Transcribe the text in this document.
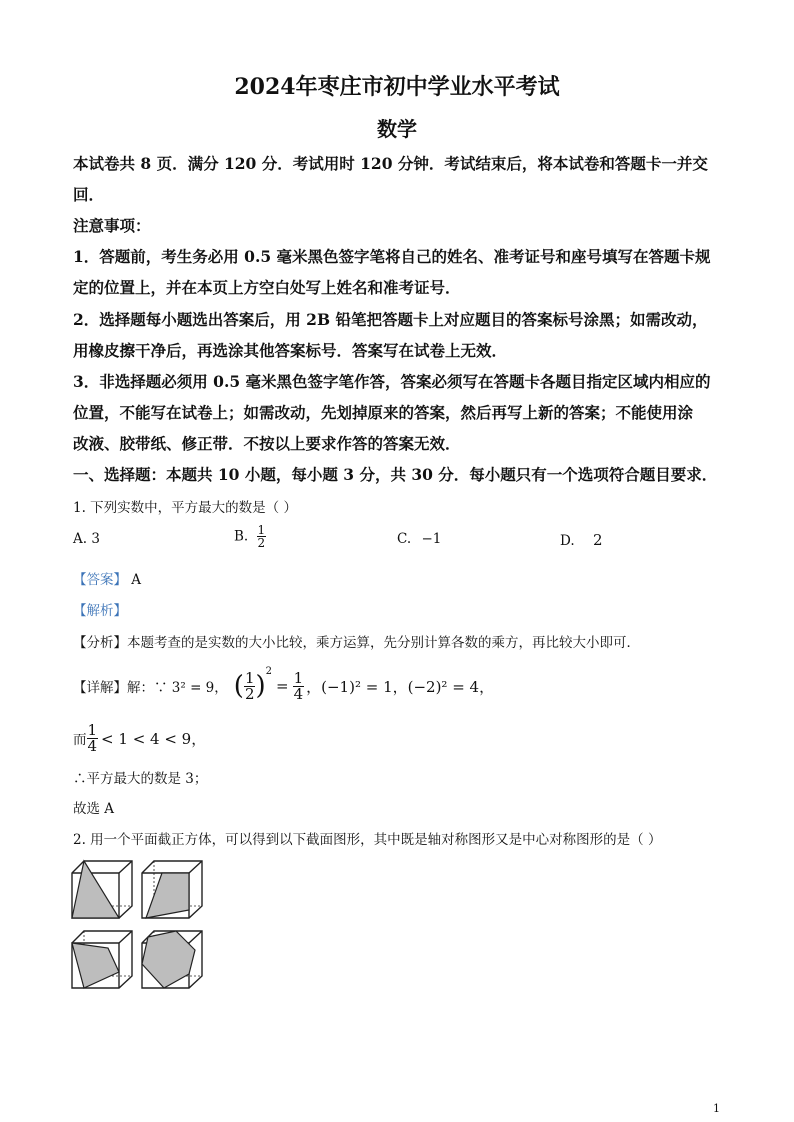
2024年枣庄市初中学业水平考试
数学
本试卷共 8 页．满分 120 分．考试用时 120 分钟．考试结束后，将本试卷和答题卡一并交
回．
注意事项：
1．答题前，考生务必用 0.5 毫米黑色签字笔将自己的姓名、准考证号和座号填写在答题卡规
定的位置上，并在本页上方空白处写上姓名和准考证号．
2．选择题每小题选出答案后，用 2B 铅笔把答题卡上对应题目的答案标号涂黑；如需改动，
用橡皮擦干净后，再选涂其他答案标号．答案写在试卷上无效．
3．非选择题必须用 0.5 毫米黑色签字笔作答，答案必须写在答题卡各题目指定区域内相应的
位置，不能写在试卷上；如需改动，先划掉原来的答案，然后再写上新的答案；不能使用涂
改液、胶带纸、修正带．不按以上要求作答的答案无效．
一、选择题：本题共 10 小题，每小题 3 分，共 30 分．每小题只有一个选项符合题目要求．
1. 下列实数中，平方最大的数是（ ）
A. 3	B. $\frac{1}{2}$	C. −1	D. 2
【答案】 A
【解析】
【分析】本题考查的是实数的大小比较，乘方运算，先分别计算各数的乘方，再比较大小即可．
【详解】 解：∵ 3² = 9， ( $\frac{1}{2}$ ) 2
= $\frac{1}{4}$ ，(−1)² = 1，(−2)² = 4，
而 $\frac{1}{4} < 1 < 4 < 9$，
∴平方最大的数是 3；
故选 A
2. 用一个平面截正方体，可以得到以下截面图形，其中既是轴对称图形又是中心对称图形的是（ ）
1
